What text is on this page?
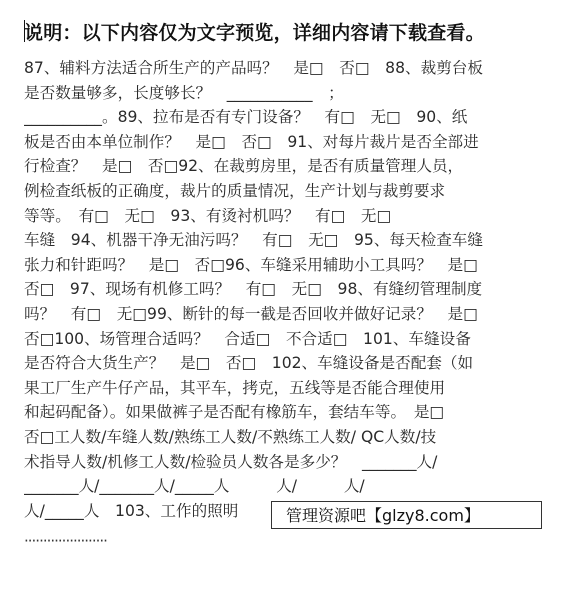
说明：以下内容仅为文字预览，详细内容请下载查看。
87、辅料方法适合所生产的产品吗？　是□　否□　88、裁剪台板
是否数量够多，长度够长？　___________　；
__________。89、拉布是否有专门设备？　有□　无□　90、纸
板是否由本单位制作？　是□　否□　91、对每片裁片是否全部进
行检查？　是□　否□92、在裁剪房里，是否有质量管理人员，
例检查纸板的正确度，裁片的质量情况，生产计划与裁剪要求
等等。　有□　无□　93、有烫衬机吗？　有□　无□
车缝　94、机器干净无油污吗？　有□　无□　95、每天检查车缝
张力和针距吗？　是□　否□96、车缝采用辅助小工具吗？　是□
否□　97、现场有机修工吗？　有□　无□　98、有缝纫管理制度
吗？　有□　无□99、断针的每一截是否回收并做好记录？　是□
否□100、场管理合适吗？　合适□　不合适□　101、车缝设备
是否符合大货生产？　是□　否□　102、车缝设备是否配套（如
果工厂生产牛仔产品，其平车，拷克，五线等是否能合理使用
和起码配备）。如果做裤子是否配有橡筋车，套结车等。　是□
否□工人数/车缝人数/熟练工人数/不熟练工人数/ QC人数/技
术指导人数/机修工人数/检验员人数各是多少？　_______人/
_______人/_______人/_____人　　　人/　　　人/
人/_____人　103、工作的照明	管理资源吧【glzy8.com】
······················
